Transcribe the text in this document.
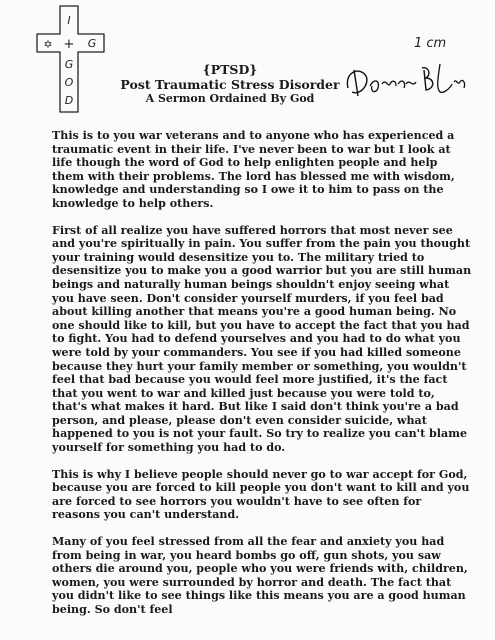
I
+
✡	G
G
O
D
1 cm
{PTSD}
Post Traumatic Stress Disorder
A Sermon Ordained By God

This is to you war veterans and to anyone who has experienced a traumatic event in their life. I've never been to war but I look at life though the word of God to help enlighten people and help them with their problems. The lord has blessed me with wisdom, knowledge and understanding so I owe it to him to pass on the knowledge to help others.

First of all realize you have suffered horrors that most never see and you're spiritually in pain. You suffer from the pain you thought your training would desensitize you to. The military tried to desensitize you to make you a good warrior but you are still human beings and naturally human beings shouldn't enjoy seeing what you have seen. Don't consider yourself murders, if you feel bad about killing another that means you're a good human being. No one should like to kill, but you have to accept the fact that you had to fight. You had to defend yourselves and you had to do what you were told by your commanders. You see if you had killed someone because they hurt your family member or something, you wouldn't feel that bad because you would feel more justified, it's the fact that you went to war and killed just because you were told to, that's what makes it hard. But like I said don't think you're a bad person, and please, please don't even consider suicide, what happened to you is not your fault. So try to realize you can't blame yourself for something you had to do.

This is why I believe people should never go to war accept for God, because you are forced to kill people you don't want to kill and you are forced to see horrors you wouldn't have to see often for reasons you can't understand.

Many of you feel stressed from all the fear and anxiety you had from being in war, you heard bombs go off, gun shots, you saw others die around you, people who you were friends with, children, women, you were surrounded by horror and death. The fact that you didn't like to see things like this means you are a good human being. So don't feel
